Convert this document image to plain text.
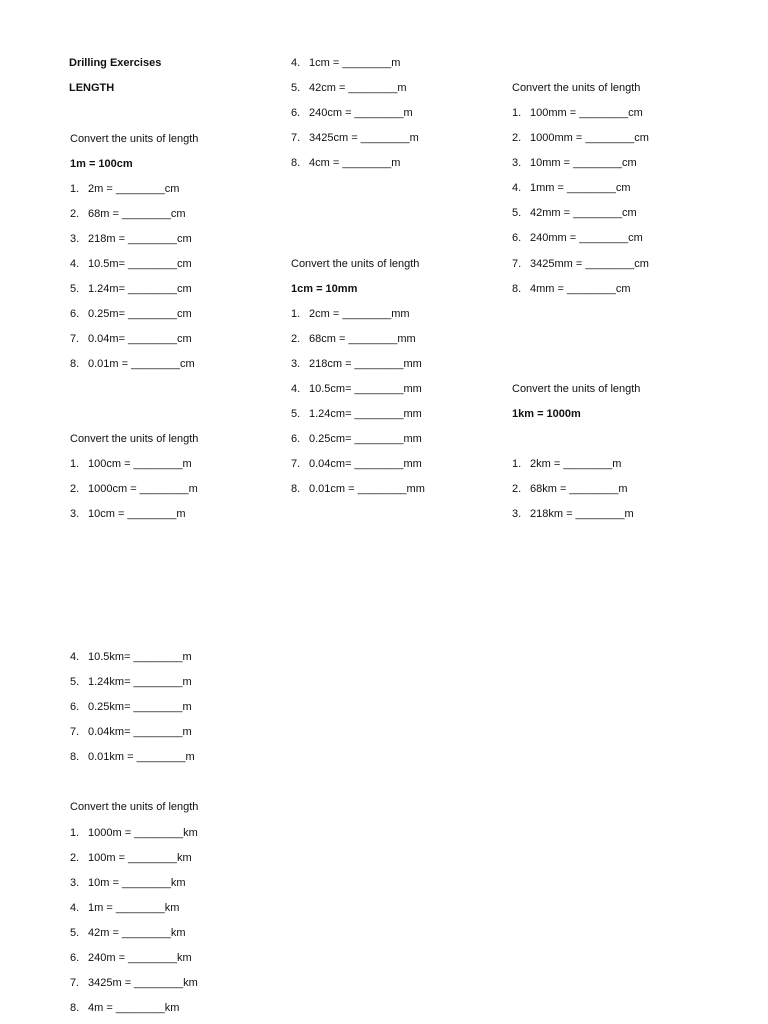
Drilling Exercises
LENGTH
Convert the units of length
1m = 100cm
1. 2m = ________cm
2. 68m = ________cm
3. 218m = ________cm
4. 10.5m= ________cm
5. 1.24m= ________cm
6. 0.25m= ________cm
7. 0.04m= ________cm
8. 0.01m = ________cm
Convert the units of length
1. 100cm = ________m
2. 1000cm = ________m
3. 10cm = ________m
4. 1cm = ________m
5. 42cm = ________m
6. 240cm = ________m
7. 3425cm = ________m
8. 4cm = ________m
Convert the units of length
1cm = 10mm
1. 2cm = ________mm
2. 68cm = ________mm
3. 218cm = ________mm
4. 10.5cm= ________mm
5. 1.24cm= ________mm
6. 0.25cm= ________mm
7. 0.04cm= ________mm
8. 0.01cm = ________mm
Convert the units of length
1. 100mm = ________cm
2. 1000mm = ________cm
3. 10mm = ________cm
4. 1mm = ________cm
5. 42mm = ________cm
6. 240mm = ________cm
7. 3425mm = ________cm
8. 4mm = ________cm
Convert the units of length
1km = 1000m
1. 2km = ________m
2. 68km = ________m
3. 218km = ________m
4. 10.5km= ________m
5. 1.24km= ________m
6. 0.25km= ________m
7. 0.04km= ________m
8. 0.01km = ________m
Convert the units of length
1. 1000m = ________km
2. 100m = ________km
3. 10m = ________km
4. 1m = ________km
5. 42m = ________km
6. 240m = ________km
7. 3425m = ________km
8. 4m = ________km
